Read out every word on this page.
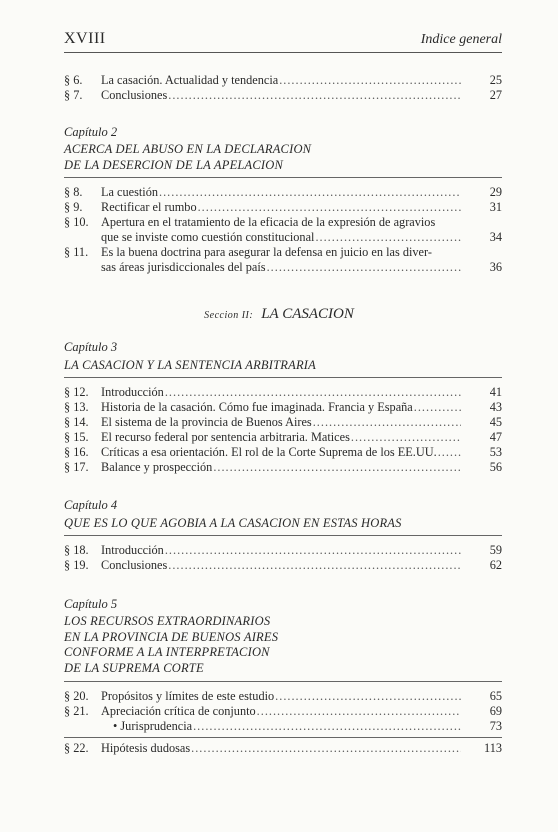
XVIII	Indice general
§ 6.	La casación. Actualidad y tendencia .....	25
§ 7.	Conclusiones .....	27
Capítulo 2
ACERCA DEL ABUSO EN LA DECLARACION
DE LA DESERCION DE LA APELACION
§ 8.	La cuestión .....	29
§ 9.	Rectificar el rumbo .....	31
§ 10.	Apertura en el tratamiento de la eficacia de la expresión de agravios
que se inviste como cuestión constitucional .....	34
§ 11.	Es la buena doctrina para asegurar la defensa en juicio en las diver-
sas áreas jurisdiccionales del país .....	36
Seccion II: LA CASACION
Capítulo 3
LA CASACION Y LA SENTENCIA ARBITRARIA
§ 12.	Introducción .....	41
§ 13.	Historia de la casación. Cómo fue imaginada. Francia y España .....	43
§ 14.	El sistema de la provincia de Buenos Aires .....	45
§ 15.	El recurso federal por sentencia arbitraria. Matices .....	47
§ 16.	Críticas a esa orientación. El rol de la Corte Suprema de los EE.UU. .....	53
§ 17.	Balance y prospección .....	56
Capítulo 4
QUE ES LO QUE AGOBIA A LA CASACION EN ESTAS HORAS
§ 18.	Introducción .....	59
§ 19.	Conclusiones .....	62
Capítulo 5
LOS RECURSOS EXTRAORDINARIOS
EN LA PROVINCIA DE BUENOS AIRES
CONFORME A LA INTERPRETACION
DE LA SUPREMA CORTE
§ 20.	Propósitos y límites de este estudio .....	65
§ 21.	Apreciación crítica de conjunto .....	69
• Jurisprudencia .....	73
§ 22.	Hipótesis dudosas .....	113
